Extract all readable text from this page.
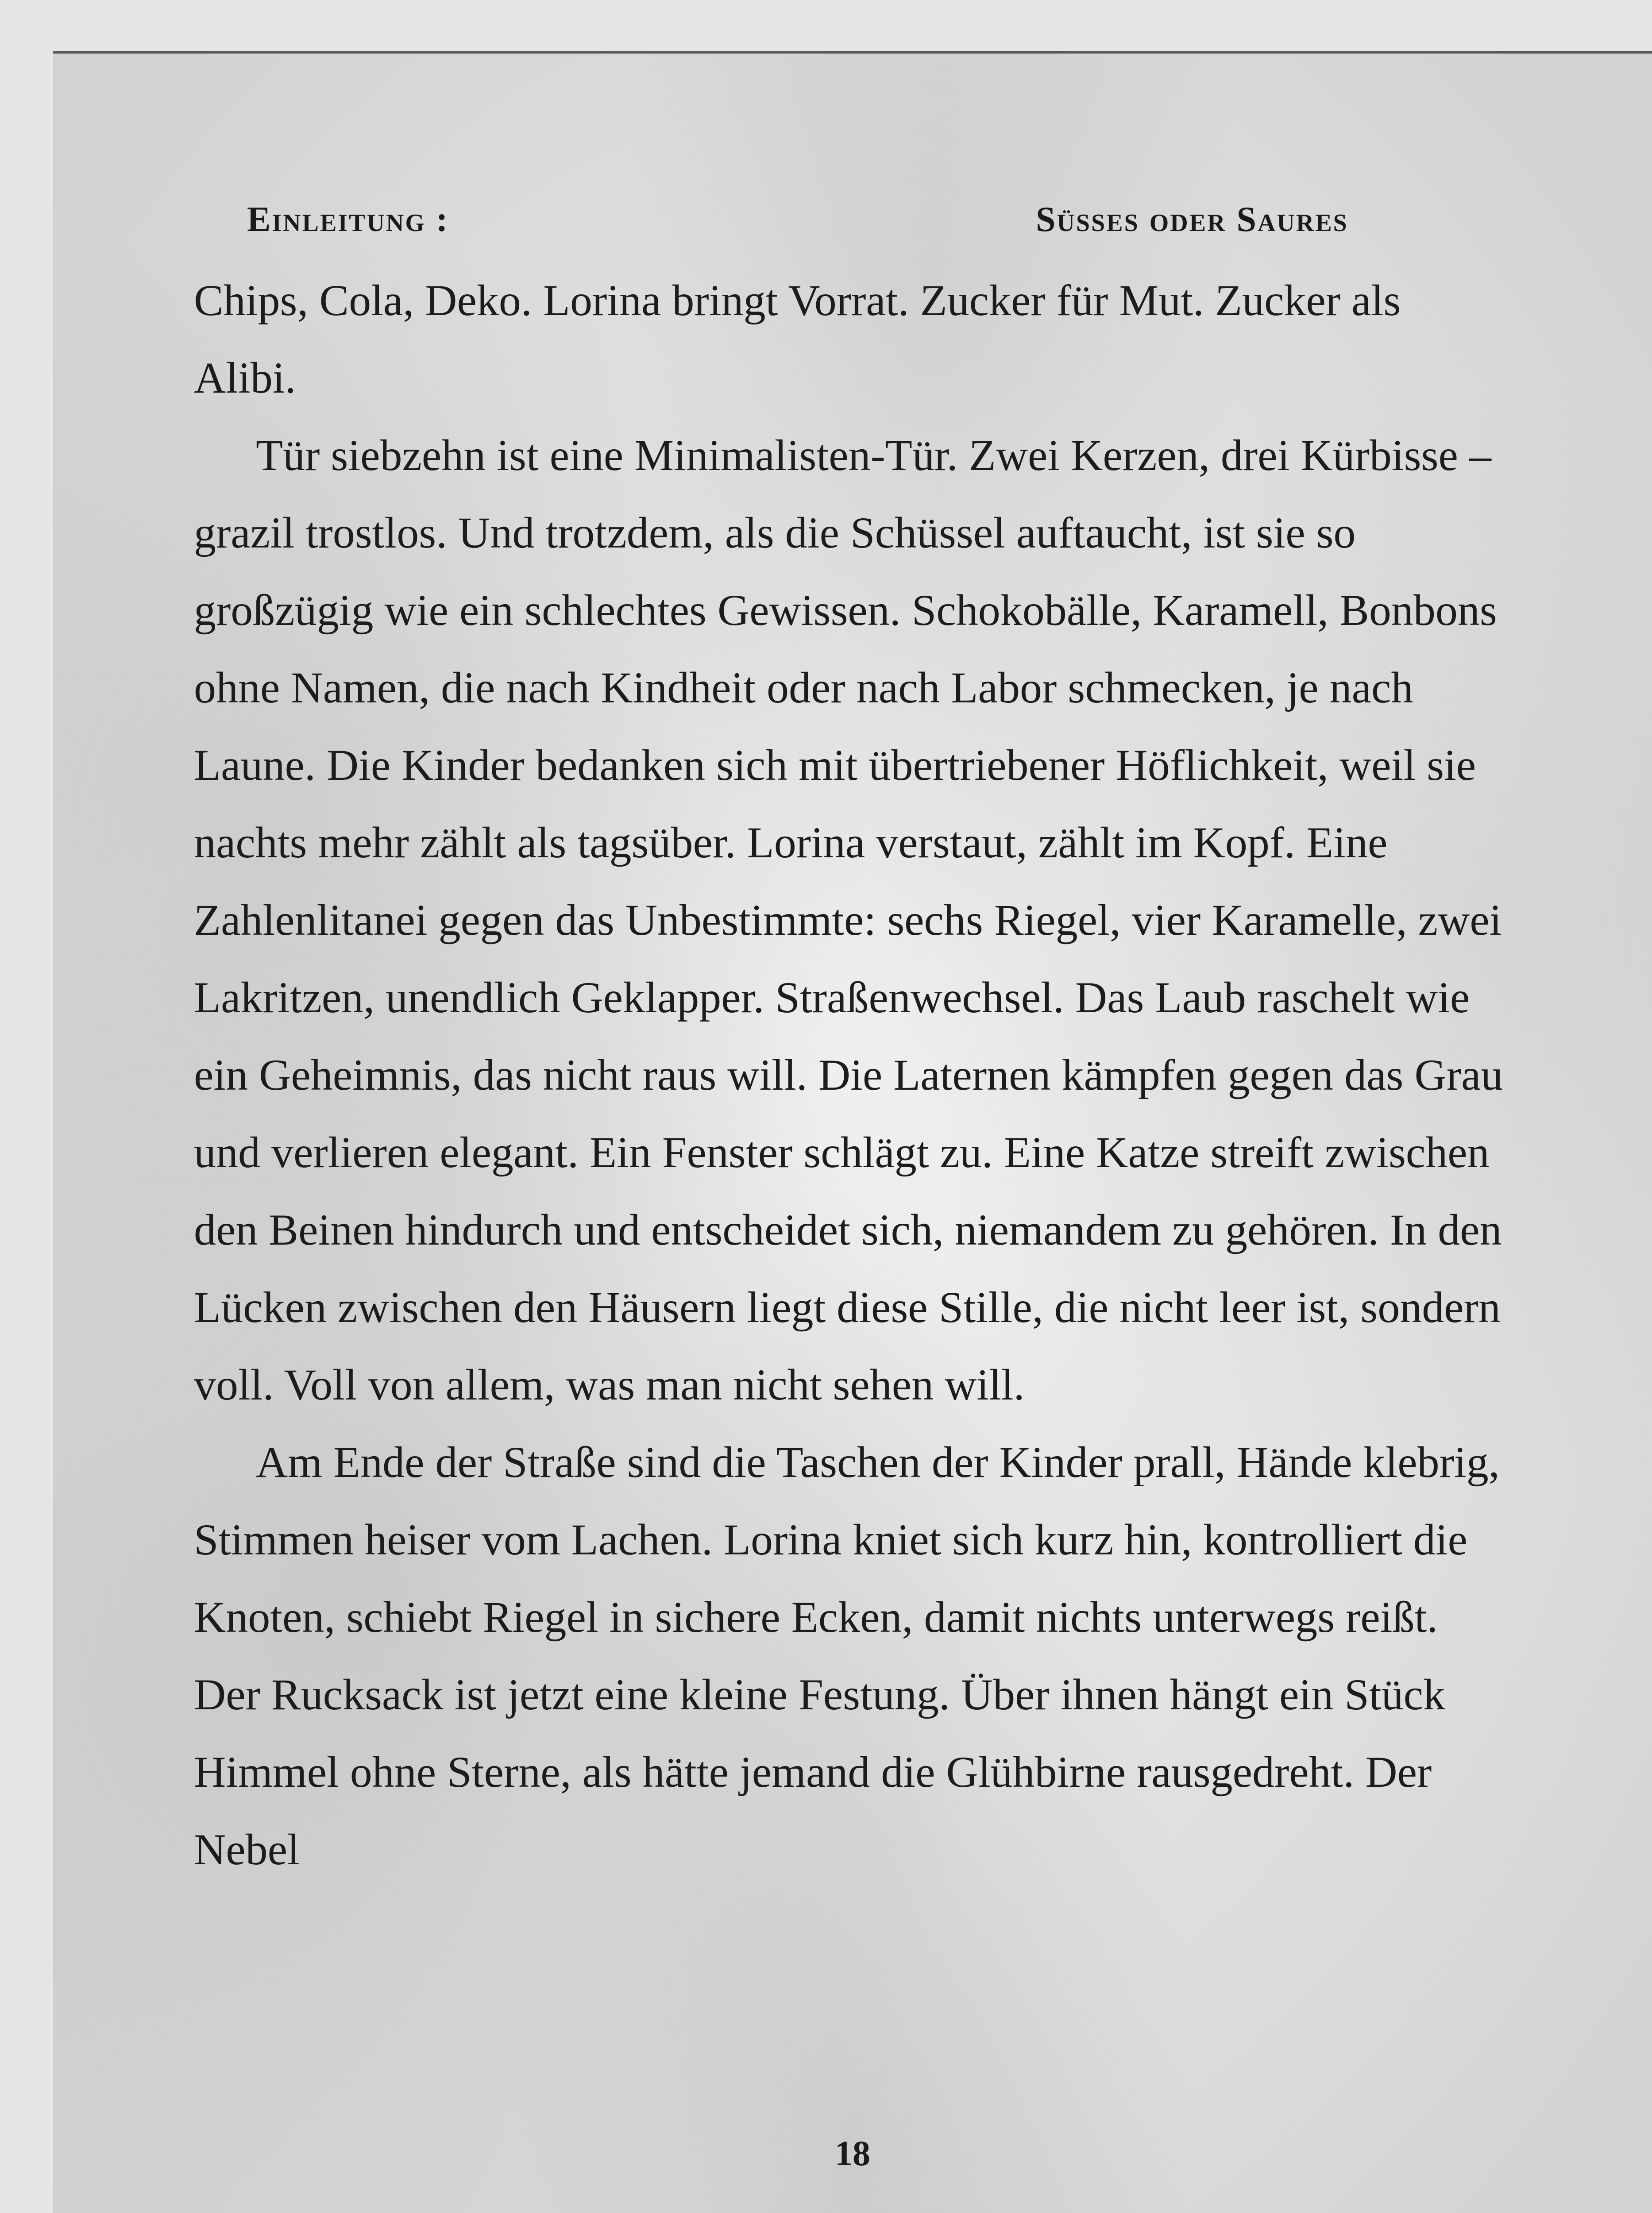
Einleitung :	Süsses oder Saures

Chips, Cola, Deko. Lorina bringt Vorrat. Zucker für Mut. Zucker als Alibi.

Tür siebzehn ist eine Minimalisten-Tür. Zwei Kerzen, drei Kürbisse – grazil trostlos. Und trotzdem, als die Schüssel auftaucht, ist sie so großzügig wie ein schlechtes Gewissen. Schokobälle, Karamell, Bonbons ohne Namen, die nach Kindheit oder nach Labor schmecken, je nach Laune. Die Kinder bedanken sich mit übertriebener Höflichkeit, weil sie nachts mehr zählt als tagsüber. Lorina verstaut, zählt im Kopf. Eine Zahlenlitanei gegen das Unbestimmte: sechs Riegel, vier Karamelle, zwei Lakritzen, unendlich Geklapper. Straßenwechsel. Das Laub raschelt wie ein Geheimnis, das nicht raus will. Die Laternen kämpfen gegen das Grau und verlieren elegant. Ein Fenster schlägt zu. Eine Katze streift zwischen den Beinen hindurch und entscheidet sich, niemandem zu gehören. In den Lücken zwischen den Häusern liegt diese Stille, die nicht leer ist, sondern voll. Voll von allem, was man nicht sehen will.

Am Ende der Straße sind die Taschen der Kinder prall, Hände klebrig, Stimmen heiser vom Lachen. Lorina kniet sich kurz hin, kontrolliert die Knoten, schiebt Riegel in sichere Ecken, damit nichts unterwegs reißt. Der Rucksack ist jetzt eine kleine Festung. Über ihnen hängt ein Stück Himmel ohne Sterne, als hätte jemand die Glühbirne rausgedreht. Der Nebel

18
